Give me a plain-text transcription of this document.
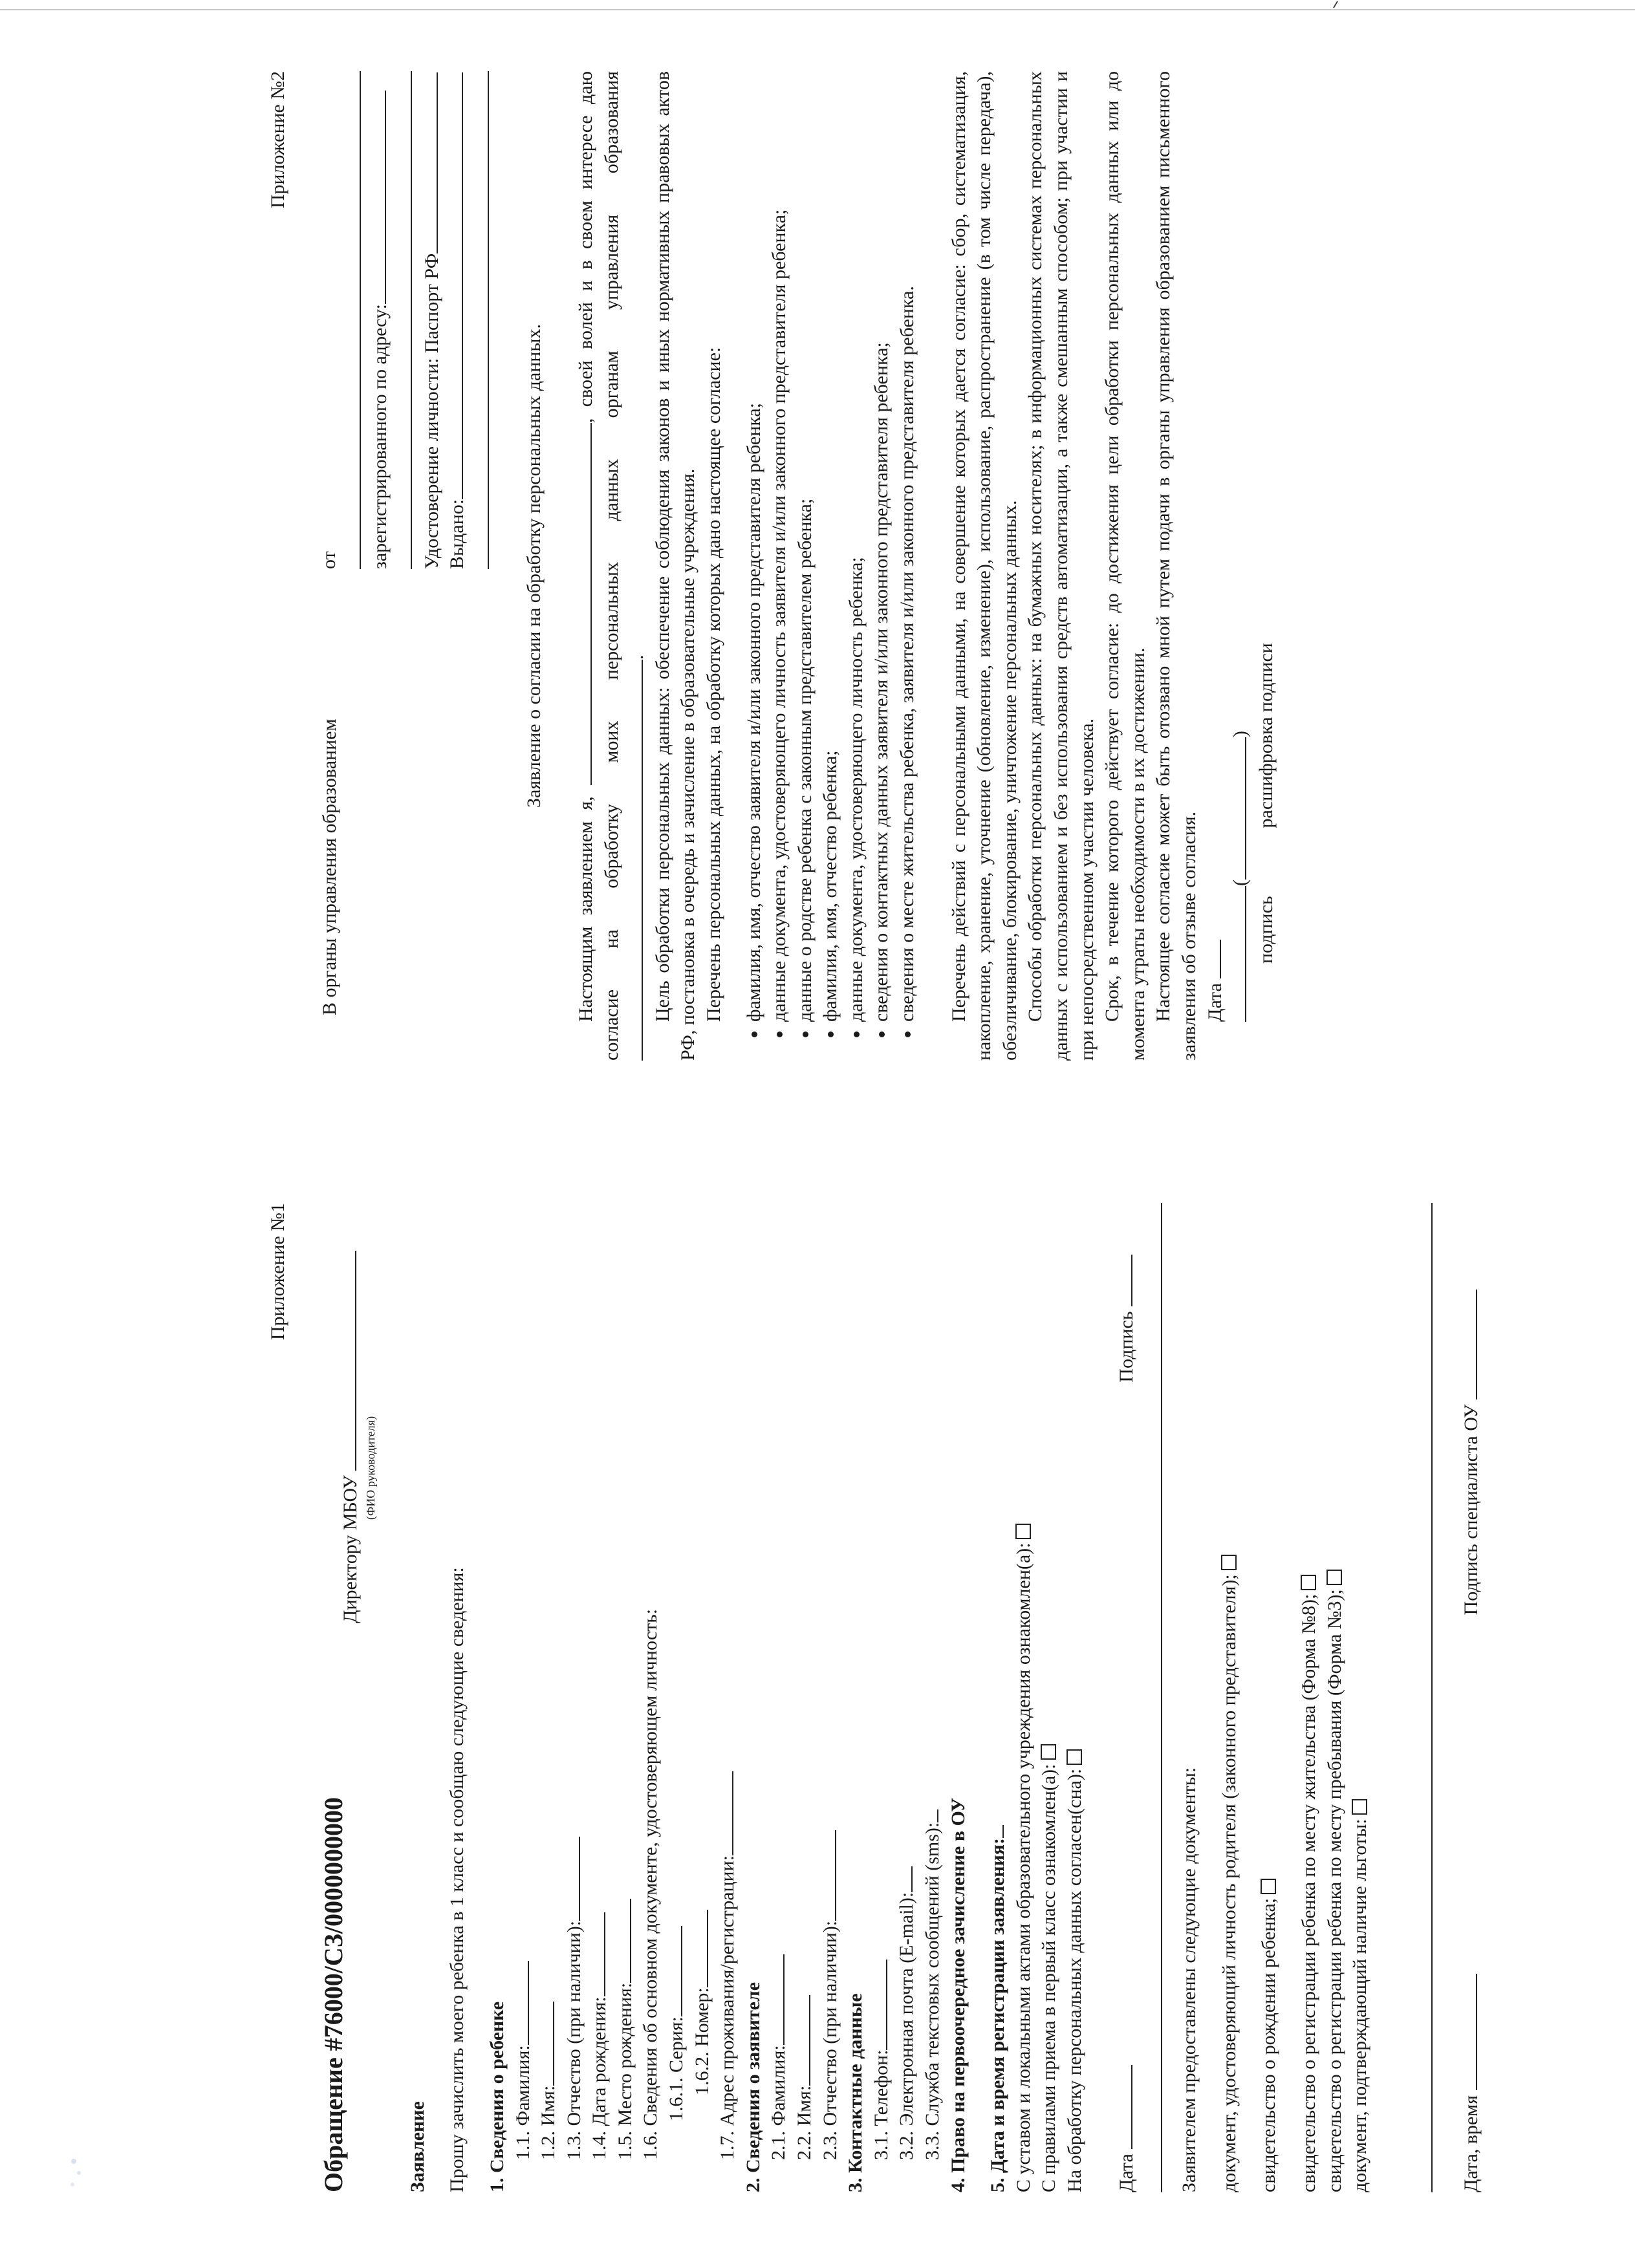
Приложение №1
Обращение #76000/СЗ/0000000000
Директору МБОУ
(ФИО руководителя)
Заявление Прошу зачислить моего ребенка в 1 класс и сообщаю следующие сведения: 1. Сведения о ребенке 1.1. Фамилия: 1.2. Имя: 1.3. Отчество (при наличии): 1.4. Дата рождения: 1.5. Место рождения: 1.6. Сведения об основном документе, удостоверяющем личность: 1.6.1. Серия: 1.6.2. Номер: 1.7. Адрес проживания/регистрации: 2. Сведения о заявителе 2.1. Фамилия: 2.2. Имя: 2.3. Отчество (при наличии): 3. Контактные данные 3.1. Телефон: 3.2. Электронная почта (E-mail): 3.3. Служба текстовых сообщений (sms): 4. Право на первоочередное зачисление в ОУ 5. Дата и время регистрации заявления: С уставом и локальными актами образовательного учреждения ознакомлен(а): С правилами приема в первый класс ознакомлен(а): На обработку персональных данных согласен(сна): Дата   Подпись
Заявителем предоставлены следующие документы: документ, удостоверяющий личность родителя (законного представителя); свидетельство о рождении ребенка; свидетельство о регистрации ребенка по месту жительства (Форма №8); свидетельство о регистрации ребенка по месту пребывания (Форма №3); документ, подтверждающий наличие льготы:	Дата, время   Подпись специалиста ОУ
Приложение №2
В органы управления образованием
от зарегистрированного по адресу: Удостоверение личности: Паспорт РФ Выдано:	Заявление о согласии на обработку персональных данных.
Настоящим заявлением я, , своей волей и в своем интересе даю согласие на обработку моих персональных данных органам управления образования . Цель обработки персональных данных: обеспечение соблюдения законов и иных нормативных правовых актов РФ, постановка в очередь и зачисление в образовательные учреждения. Перечень персональных данных, на обработку которых дано настоящее согласие: • фамилия, имя, отчество заявителя и/или законного представителя ребенка; • данные документа, удостоверяющего личность заявителя и/или законного представителя ребенка; • данные о родстве ребенка с законным представителем ребенка; • фамилия, имя, отчество ребенка; • данные документа, удостоверяющего личность ребенка; • сведения о контактных данных заявителя и/или законного представителя ребенка; • сведения о месте жительства ребенка, заявителя и/или законного представителя ребенка. Перечень действий с персональными данными, на совершение которых дается согласие: сбор, систематизация, накопление, хранение, уточнение (обновление, изменение), использование, распространение (в том числе передача), обезличивание, блокирование, уничтожение персональных данных. Способы обработки персональных данных: на бумажных носителях; в информационных системах персональных данных с использованием и без использования средств автоматизации, а также смешанным способом; при участии и при непосредственном участии человека. Срок, в течение которого действует согласие: до достижения цели обработки персональных данных или до момента утраты необходимости в их достижении. Настоящее согласие может быть отозвано мной путем подачи в органы управления образованием письменного заявления об отзыве согласия. Дата
()
подпись  расшифровка подписи
